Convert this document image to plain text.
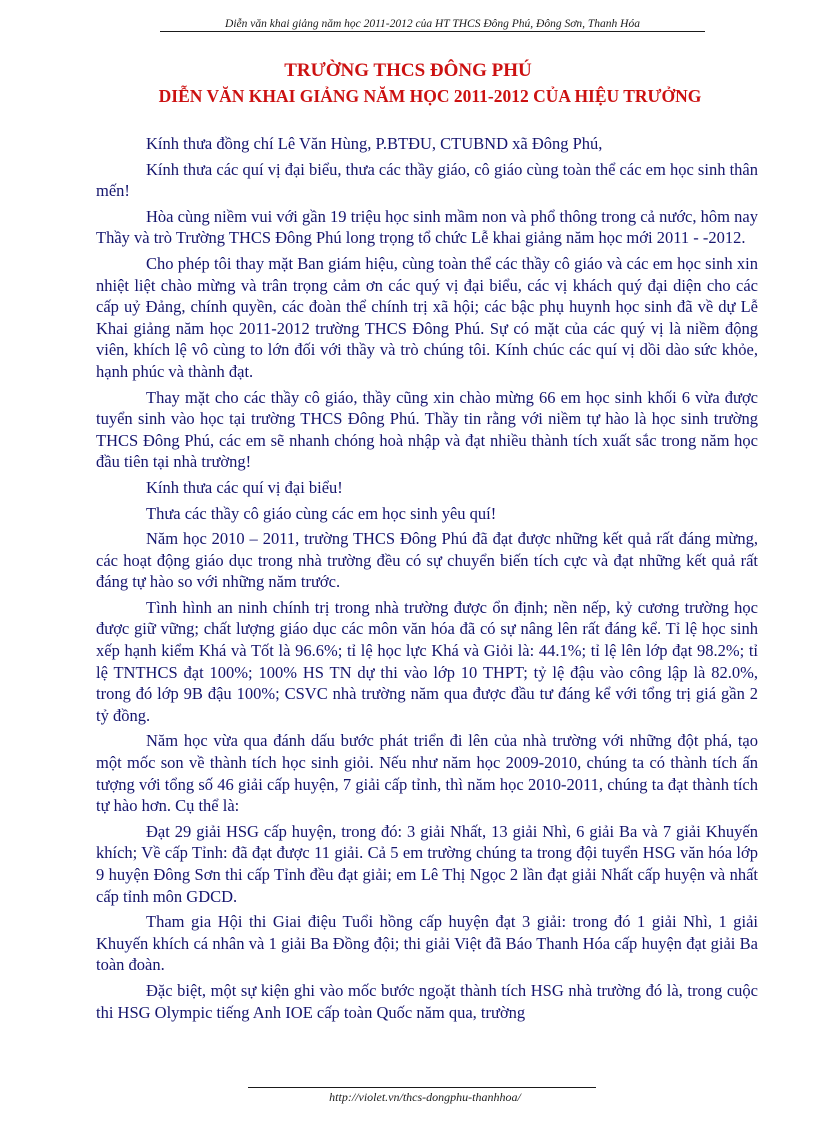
Diễn văn khai giảng năm học 2011-2012 của HT THCS Đông Phú, Đông Sơn, Thanh Hóa
TRƯỜNG THCS ĐÔNG PHÚ
DIỄN VĂN KHAI GIẢNG NĂM HỌC 2011-2012 CỦA HIỆU TRƯỞNG

Kính thưa đồng chí Lê Văn Hùng, P.BTĐU, CTUBND xã Đông Phú,

Kính thưa các quí vị đại biểu, thưa các thầy giáo, cô giáo cùng toàn thể các em học sinh thân mến!

Hòa cùng niềm vui với gần 19 triệu học sinh mầm non và phổ thông trong cả nước, hôm nay Thầy và trò Trường THCS Đông Phú long trọng tổ chức Lễ khai giảng năm học mới 2011 - -2012.

Cho phép tôi thay mặt Ban giám hiệu, cùng toàn thể các thầy cô giáo và các em học sinh xin nhiệt liệt chào mừng và trân trọng cảm ơn các quý vị đại biểu, các vị khách quý đại diện cho các cấp uỷ Đảng, chính quyền, các đoàn thể chính trị xã hội; các bậc phụ huynh học sinh đã về dự Lễ Khai giảng năm học 2011-2012 trường THCS Đông Phú. Sự có mặt của các quý vị là niềm động viên, khích lệ vô cùng to lớn đối với thầy và trò chúng tôi. Kính chúc các quí vị dồi dào sức khỏe, hạnh phúc và thành đạt.

Thay mặt cho các thầy cô giáo, thầy cũng xin chào mừng 66 em học sinh khối 6 vừa được tuyển sinh vào học tại trường THCS Đông Phú. Thầy tin rằng với niềm tự hào là học sinh trường THCS Đông Phú, các em sẽ nhanh chóng hoà nhập và đạt nhiều thành tích xuất sắc trong năm học đầu tiên tại nhà trường!

Kính thưa các quí vị đại biểu!

Thưa các thầy cô giáo cùng các em học sinh yêu quí!

Năm học 2010 – 2011, trường THCS Đông Phú đã đạt được những kết quả rất đáng mừng, các hoạt động giáo dục trong nhà trường đều có sự chuyển biến tích cực và đạt những kết quả rất đáng tự hào so với những năm trước.

Tình hình an ninh chính trị trong nhà trường được ổn định; nền nếp, kỷ cương trường học được giữ vững; chất lượng giáo dục các môn văn hóa đã có sự nâng lên rất đáng kể. Tỉ lệ học sinh xếp hạnh kiểm Khá và Tốt là 96.6%; tỉ lệ học lực Khá và Giỏi là: 44.1%; tỉ lệ lên lớp đạt 98.2%; tỉ lệ TNTHCS đạt 100%; 100% HS TN dự thi vào lớp 10 THPT; tỷ lệ đậu vào công lập là 82.0%, trong đó lớp 9B đậu 100%; CSVC nhà trường năm qua được đầu tư đáng kể với tổng trị giá gần 2 tỷ đồng.

Năm học vừa qua đánh dấu bước phát triển đi lên của nhà trường với những đột phá, tạo một mốc son về thành tích học sinh giỏi. Nếu như năm học 2009-2010, chúng ta có thành tích ấn tượng với tổng số 46 giải cấp huyện, 7 giải cấp tỉnh, thì năm học 2010-2011, chúng ta đạt thành tích tự hào hơn. Cụ thể là:

Đạt 29 giải HSG cấp huyện, trong đó: 3 giải Nhất, 13 giải Nhì, 6 giải Ba và 7 giải Khuyến khích; Về cấp Tỉnh: đã đạt được 11 giải. Cả 5 em trường chúng ta trong đội tuyển HSG văn hóa lớp 9 huyện Đông Sơn thi cấp Tỉnh đều đạt giải; em Lê Thị Ngọc 2 lần đạt giải Nhất cấp huyện và nhất cấp tỉnh môn GDCD.

Tham gia Hội thi Giai điệu Tuổi hồng cấp huyện đạt 3 giải: trong đó 1 giải Nhì, 1 giải Khuyến khích cá nhân và 1 giải Ba Đồng đội; thi giải Việt đã Báo Thanh Hóa cấp huyện đạt giải Ba toàn đoàn.

Đặc biệt, một sự kiện ghi vào mốc bước ngoặt thành tích HSG nhà trường đó là, trong cuộc thi HSG Olympic tiếng Anh IOE cấp toàn Quốc năm qua, trường

http://violet.vn/thcs-dongphu-thanhhoa/
